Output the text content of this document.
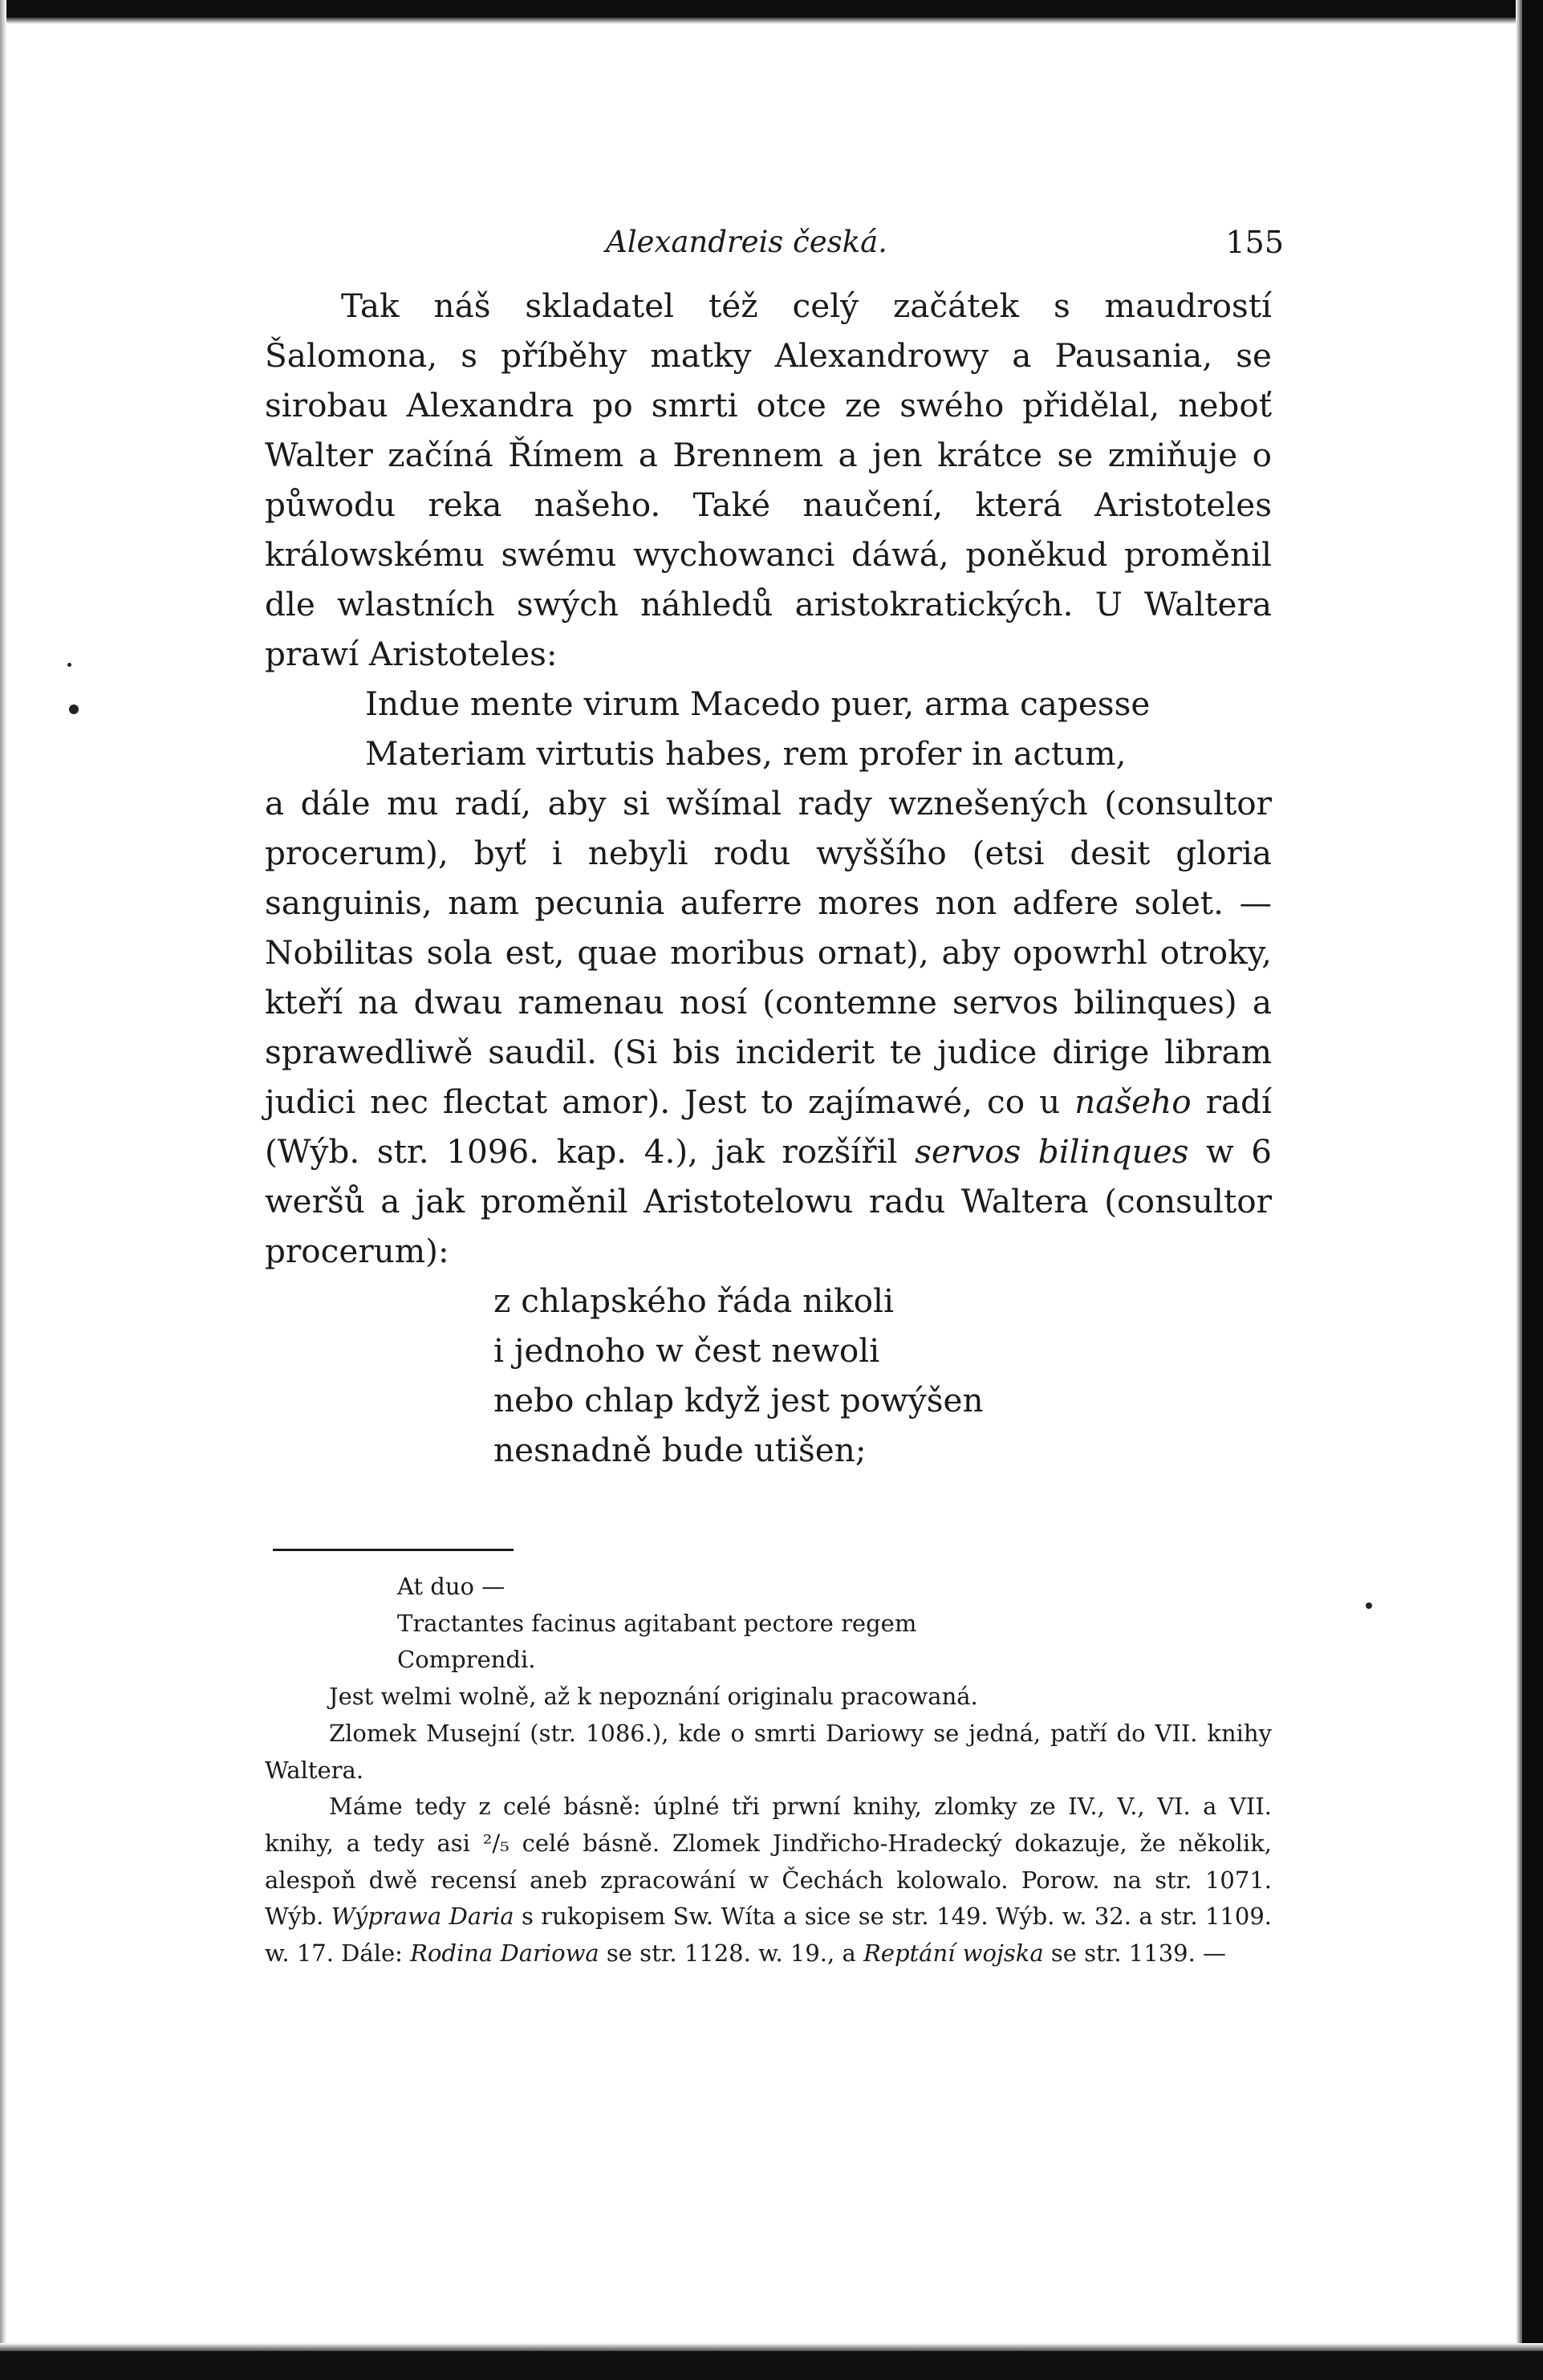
Alexandreis česká.	155

Tak náš skladatel též celý začátek s maudrostí Šalomona, s příběhy matky Alexandrowy a Pausania, se sirobau Alexandra po smrti otce ze swého přidělal, neboť Walter začíná Římem a Brennem a jen krátce se zmiňuje o půwodu reka našeho. Také naučení, která Aristoteles králowskému swému wychowanci dáwá, poněkud proměnil dle wlastních swých náhledů aristokratických. U Waltera prawí Aristoteles:

Indue mente virum Macedo puer, arma capesse
Materiam virtutis habes, rem profer in actum,

a dále mu radí, aby si wšímal rady wznešených (consultor procerum), byť i nebyli rodu wyššího (etsi desit gloria sanguinis, nam pecunia auferre mores non adfere solet. — Nobilitas sola est, quae moribus ornat), aby opowrhl otroky, kteří na dwau ramenau nosí (contemne servos bilinques) a sprawedliwě saudil. (Si bis inciderit te judice dirige libram judici nec flectat amor). Jest to zajímawé, co u našeho radí (Wýb. str. 1096. kap. 4.), jak rozšířil servos bilinques w 6 weršů a jak proměnil Aristotelowu radu Waltera (consultor procerum):

z chlapského řáda nikoli
i jednoho w čest newoli
nebo chlap když jest powýšen
nesnadně bude utišen;
At duo —
Tractantes facinus agitabant pectore regem
Comprendi.

Jest welmi wolně, až k nepoznání originalu pracowaná.

Zlomek Musejní (str. 1086.), kde o smrti Dariowy se jedná, patří do VII. knihy Waltera.

Máme tedy z celé básně: úplné tři prwní knihy, zlomky ze IV., V., VI. a VII. knihy, a tedy asi ²/₅ celé básně. Zlomek Jindřicho-Hradecký dokazuje, že několik, alespoň dwě recensí aneb zpracowání w Čechách kolowalo. Porow. na str. 1071. Wýb. Wýprawa Daria s rukopisem Sw. Wíta a sice se str. 149. Wýb. w. 32. a str. 1109. w. 17. Dále: Rodina Dariowa se str. 1128. w. 19., a Reptání wojska se str. 1139. —
